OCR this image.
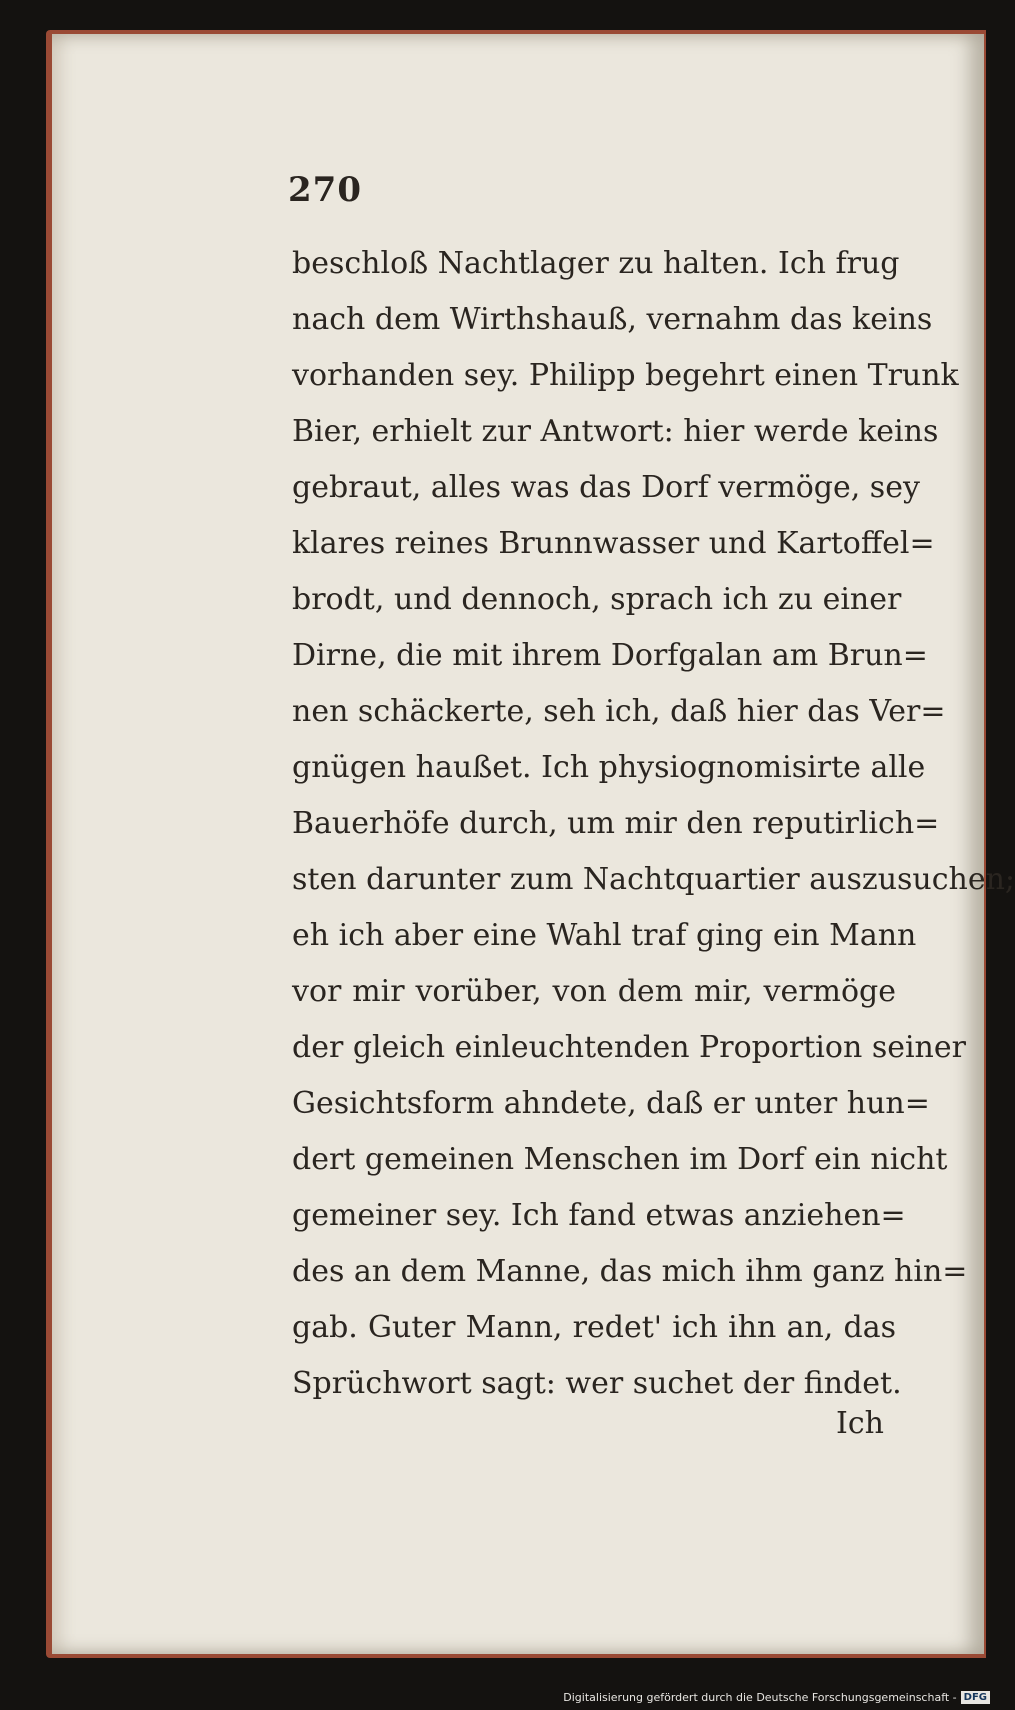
270
beschloß Nachtlager zu halten. Ich frug
nach dem Wirthshauß, vernahm das keins
vorhanden sey. Philipp begehrt einen Trunk
Bier, erhielt zur Antwort: hier werde keins
gebraut, alles was das Dorf vermöge, sey
klares reines Brunnwasser und Kartoffel=
brodt, und dennoch, sprach ich zu einer
Dirne, die mit ihrem Dorfgalan am Brun=
nen schäckerte, seh ich, daß hier das Ver=
gnügen haußet. Ich physiognomisirte alle
Bauerhöfe durch, um mir den reputirlich=
sten darunter zum Nachtquartier auszusuchen;
eh ich aber eine Wahl traf ging ein Mann
vor mir vorüber, von dem mir, vermöge
der gleich einleuchtenden Proportion seiner
Gesichtsform ahndete, daß er unter hun=
dert gemeinen Menschen im Dorf ein nicht
gemeiner sey. Ich fand etwas anziehen=
des an dem Manne, das mich ihm ganz hin=
gab. Guter Mann, redet' ich ihn an, das
Sprüchwort sagt: wer suchet der findet.
Ich
Digitalisierung gefördert durch die Deutsche Forschungsgemeinschaft - DFG
